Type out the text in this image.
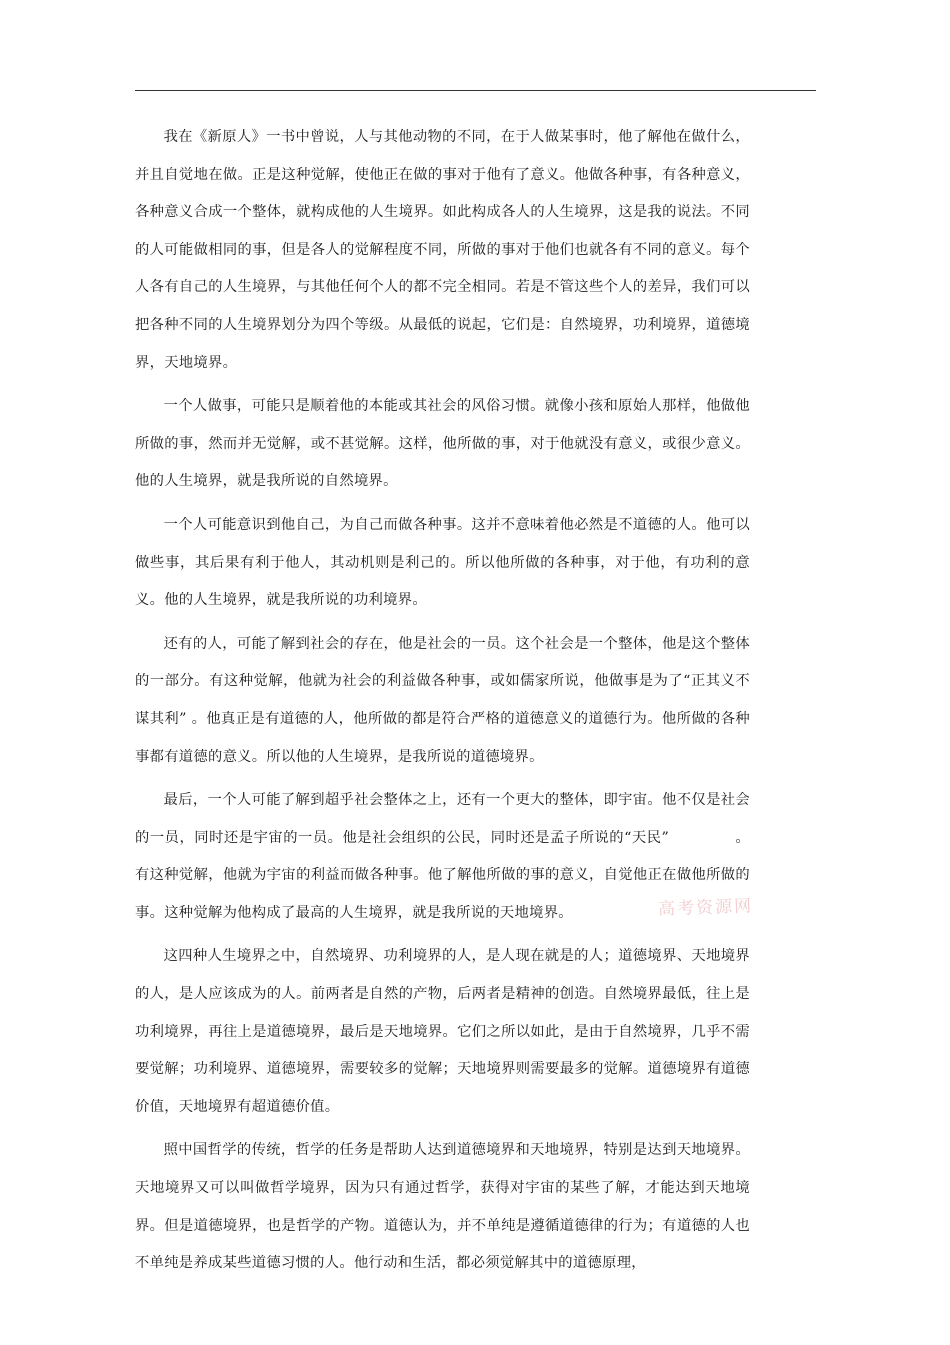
我在《新原人》一书中曾说，人与其他动物的不同，在于人做某事时，他了解他在做什么，并且自觉地在做。正是这种觉解，使他正在做的事对于他有了意义。他做各种事，有各种意义，各种意义合成一个整体，就构成他的人生境界。如此构成各人的人生境界，这是我的说法。不同的人可能做相同的事，但是各人的觉解程度不同，所做的事对于他们也就各有不同的意义。每个人各有自己的人生境界，与其他任何个人的都不完全相同。若是不管这些个人的差异，我们可以把各种不同的人生境界划分为四个等级。从最低的说起，它们是：自然境界，功利境界，道德境界，天地境界。

一个人做事，可能只是顺着他的本能或其社会的风俗习惯。就像小孩和原始人那样，他做他所做的事，然而并无觉解，或不甚觉解。这样，他所做的事，对于他就没有意义，或很少意义。他的人生境界，就是我所说的自然境界。

一个人可能意识到他自己，为自己而做各种事。这并不意味着他必然是不道德的人。他可以做些事，其后果有利于他人，其动机则是利己的。所以他所做的各种事，对于他，有功利的意义。他的人生境界，就是我所说的功利境界。

还有的人，可能了解到社会的存在，他是社会的一员。这个社会是一个整体，他是这个整体的一部分。有这种觉解，他就为社会的利益做各种事，或如儒家所说，他做事是为了“正其义不谋其利” 。他真正是有道德的人，他所做的都是符合严格的道德意义的道德行为。他所做的各种事都有道德的意义。所以他的人生境界，是我所说的道德境界。

最后，一个人可能了解到超乎社会整体之上，还有一个更大的整体，即宇宙。他不仅是社会的一员，同时还是宇宙的一员。他是社会组织的公民，同时还是孟子所说的“天民”	。有这种觉解，他就为宇宙的利益而做各种事。他了解他所做的事的意义，自觉他正在做他所做的事。这种觉解为他构成了最高的人生境界，就是我所说的天地境界。

这四种人生境界之中，自然境界、功利境界的人，是人现在就是的人；道德境界、天地境界的人，是人应该成为的人。前两者是自然的产物，后两者是精神的创造。自然境界最低，往上是功利境界，再往上是道德境界，最后是天地境界。它们之所以如此，是由于自然境界，几乎不需要觉解；功利境界、道德境界，需要较多的觉解；天地境界则需要最多的觉解。道德境界有道德价值，天地境界有超道德价值。

照中国哲学的传统，哲学的任务是帮助人达到道德境界和天地境界，特别是达到天地境界。天地境界又可以叫做哲学境界，因为只有通过哲学，获得对宇宙的某些了解，才能达到天地境界。但是道德境界，也是哲学的产物。道德认为，并不单纯是遵循道德律的行为；有道德的人也不单纯是养成某些道德习惯的人。他行动和生活，都必须觉解其中的道德原理，

高考资源网
